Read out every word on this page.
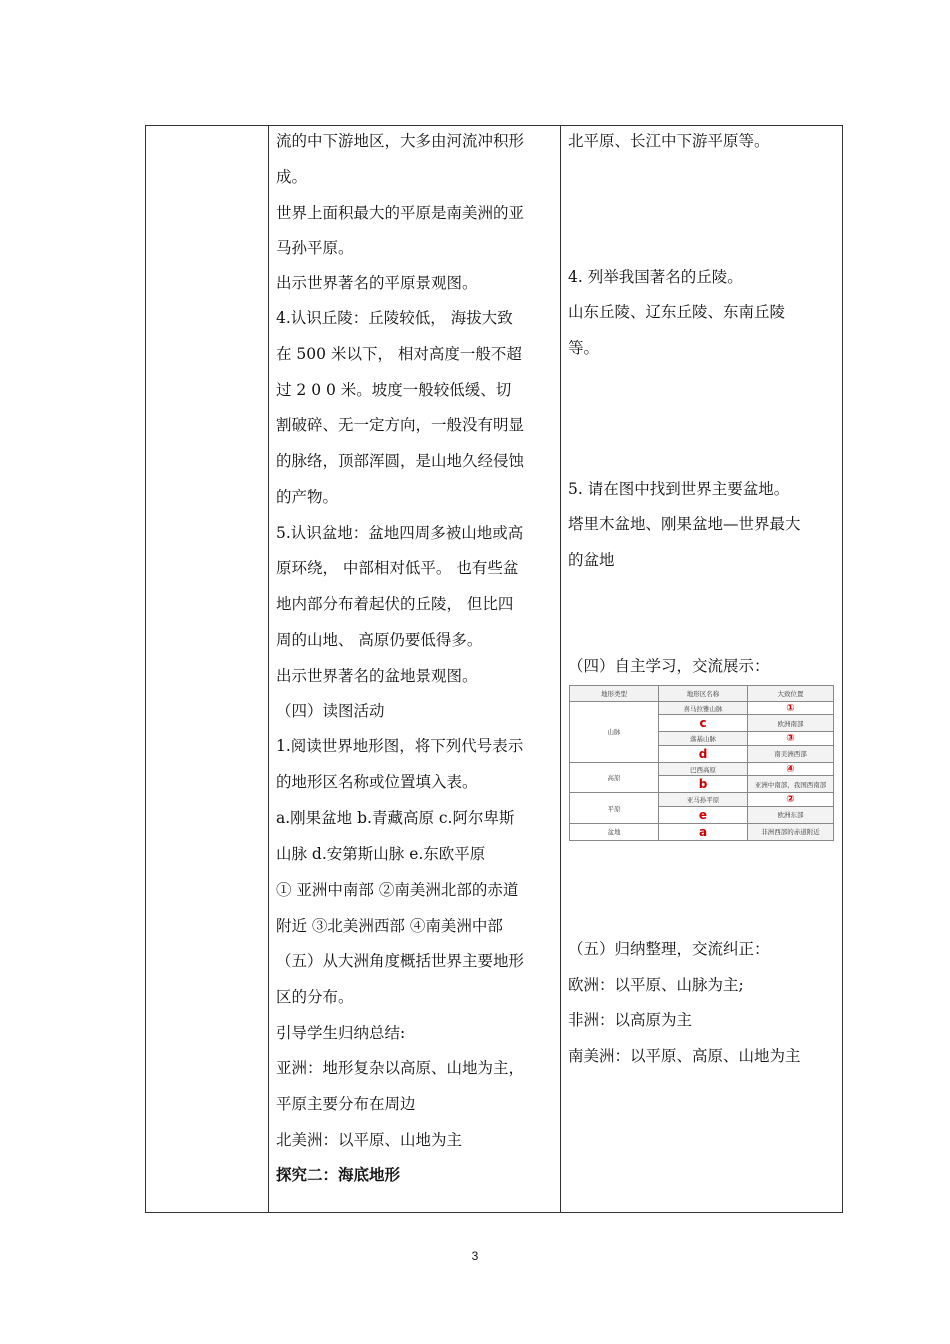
流的中下游地区，大多由河流冲积形
成。
世界上面积最大的平原是南美洲的亚
马孙平原。
出示世界著名的平原景观图。
4.认识丘陵：丘陵较低， 海拔大致
在 500 米以下， 相对高度一般不超
过 2 0 0 米。坡度一般较低缓、切
割破碎、无一定方向，一般没有明显
的脉络，顶部浑圆，是山地久经侵蚀
的产物。
5.认识盆地：盆地四周多被山地或高
原环绕， 中部相对低平。 也有些盆
地内部分布着起伏的丘陵， 但比四
周的山地、 高原仍要低得多。
出示世界著名的盆地景观图。
（四）读图活动
1.阅读世界地形图，将下列代号表示
的地形区名称或位置填入表。
a.刚果盆地 b.青藏高原 c.阿尔卑斯
山脉 d.安第斯山脉 e.东欧平原
① 亚洲中南部 ②南美洲北部的赤道
附近 ③北美洲西部 ④南美洲中部
（五）从大洲角度概括世界主要地形
区的分布。
引导学生归纳总结:
亚洲：地形复杂以高原、山地为主，
平原主要分布在周边
北美洲：以平原、山地为主
探究二：海底地形
北平原、长江中下游平原等。
4. 列举我国著名的丘陵。
山东丘陵、辽东丘陵、东南丘陵
等。
5. 请在图中找到世界主要盆地。
塔里木盆地、刚果盆地—世界最大
的盆地
（四）自主学习，交流展示：
（五）归纳整理，交流纠正：
欧洲：以平原、山脉为主;
非洲：以高原为主
南美洲：以平原、高原、山地为主
地形类型	地形区名称	大致位置
山脉	喜马拉雅山脉	①
	c	欧洲南部
	落基山脉	③
	d	南美洲西部
高原	巴西高原	④
	b	亚洲中南部，我国西南部
平原	亚马孙平原	②
	e	欧洲东部
盆地	a	非洲西部的赤道附近
3
